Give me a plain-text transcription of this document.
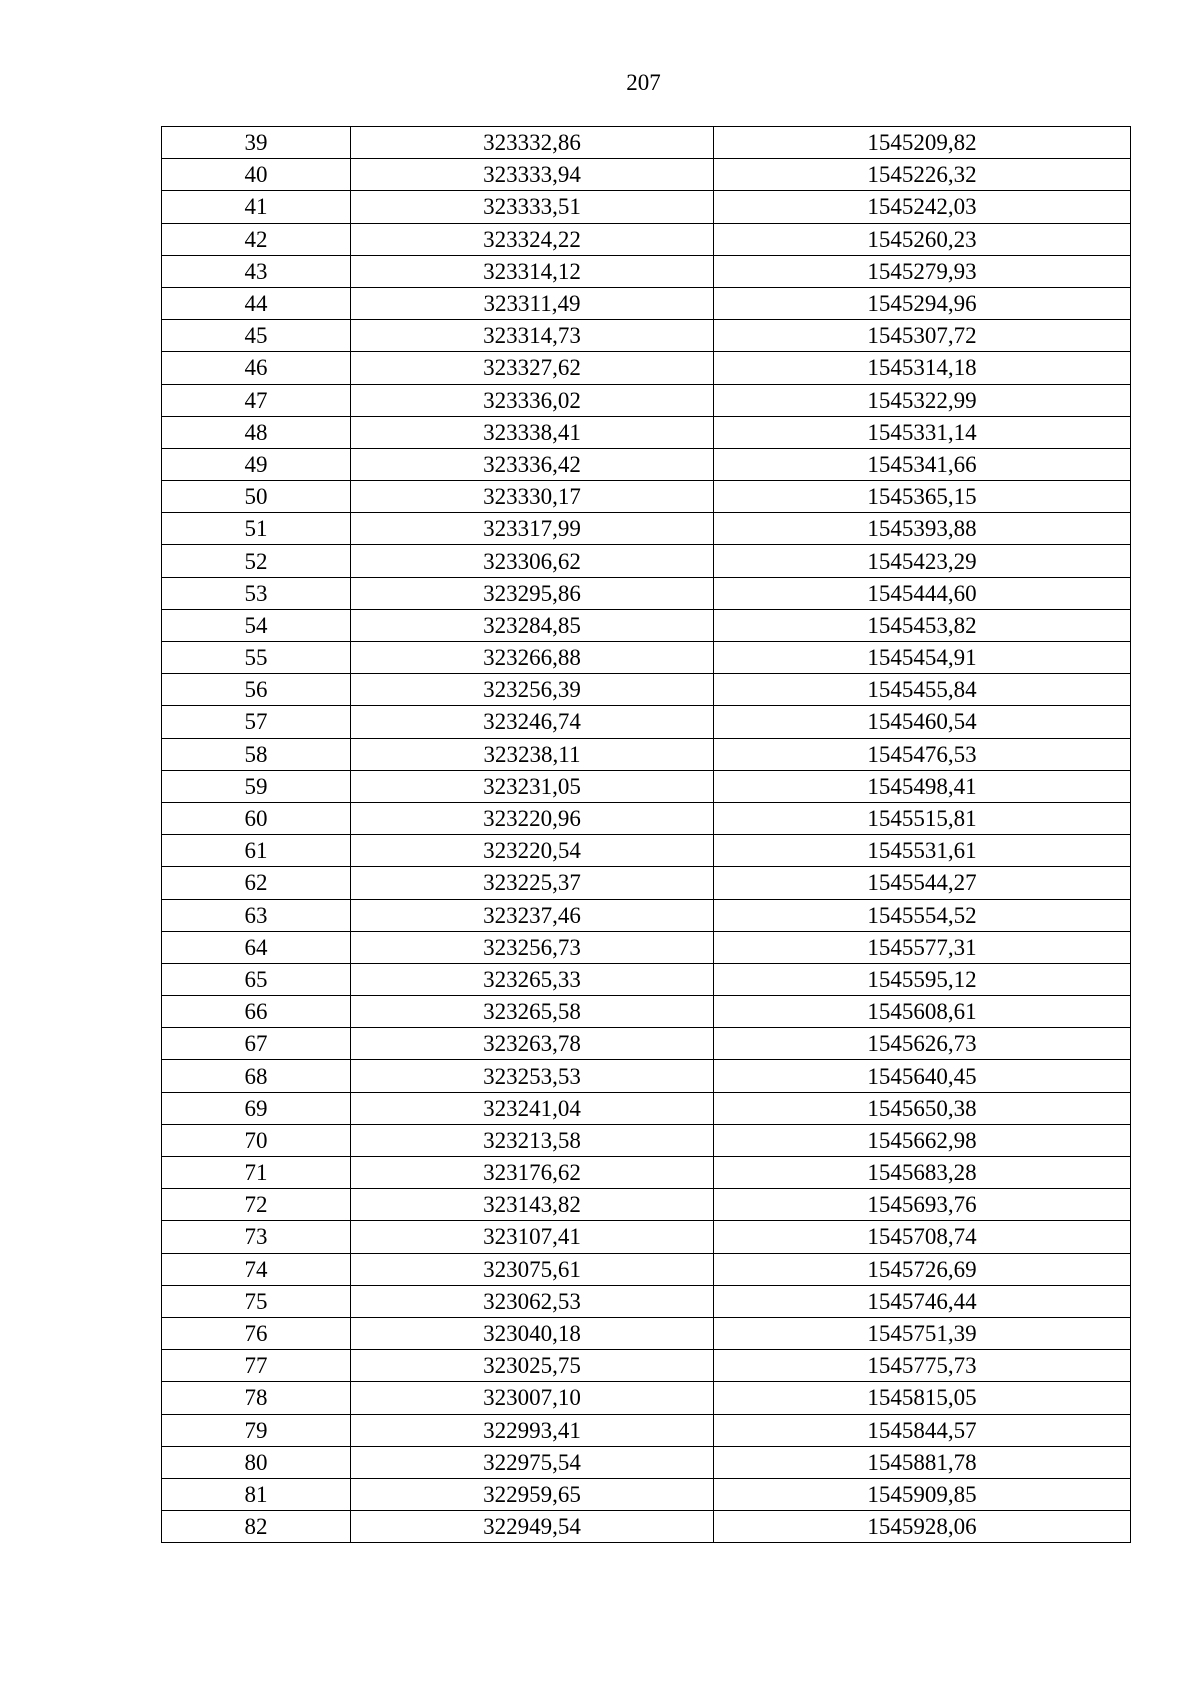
207
39	323332,86	1545209,82
40	323333,94	1545226,32
41	323333,51	1545242,03
42	323324,22	1545260,23
43	323314,12	1545279,93
44	323311,49	1545294,96
45	323314,73	1545307,72
46	323327,62	1545314,18
47	323336,02	1545322,99
48	323338,41	1545331,14
49	323336,42	1545341,66
50	323330,17	1545365,15
51	323317,99	1545393,88
52	323306,62	1545423,29
53	323295,86	1545444,60
54	323284,85	1545453,82
55	323266,88	1545454,91
56	323256,39	1545455,84
57	323246,74	1545460,54
58	323238,11	1545476,53
59	323231,05	1545498,41
60	323220,96	1545515,81
61	323220,54	1545531,61
62	323225,37	1545544,27
63	323237,46	1545554,52
64	323256,73	1545577,31
65	323265,33	1545595,12
66	323265,58	1545608,61
67	323263,78	1545626,73
68	323253,53	1545640,45
69	323241,04	1545650,38
70	323213,58	1545662,98
71	323176,62	1545683,28
72	323143,82	1545693,76
73	323107,41	1545708,74
74	323075,61	1545726,69
75	323062,53	1545746,44
76	323040,18	1545751,39
77	323025,75	1545775,73
78	323007,10	1545815,05
79	322993,41	1545844,57
80	322975,54	1545881,78
81	322959,65	1545909,85
82	322949,54	1545928,06
